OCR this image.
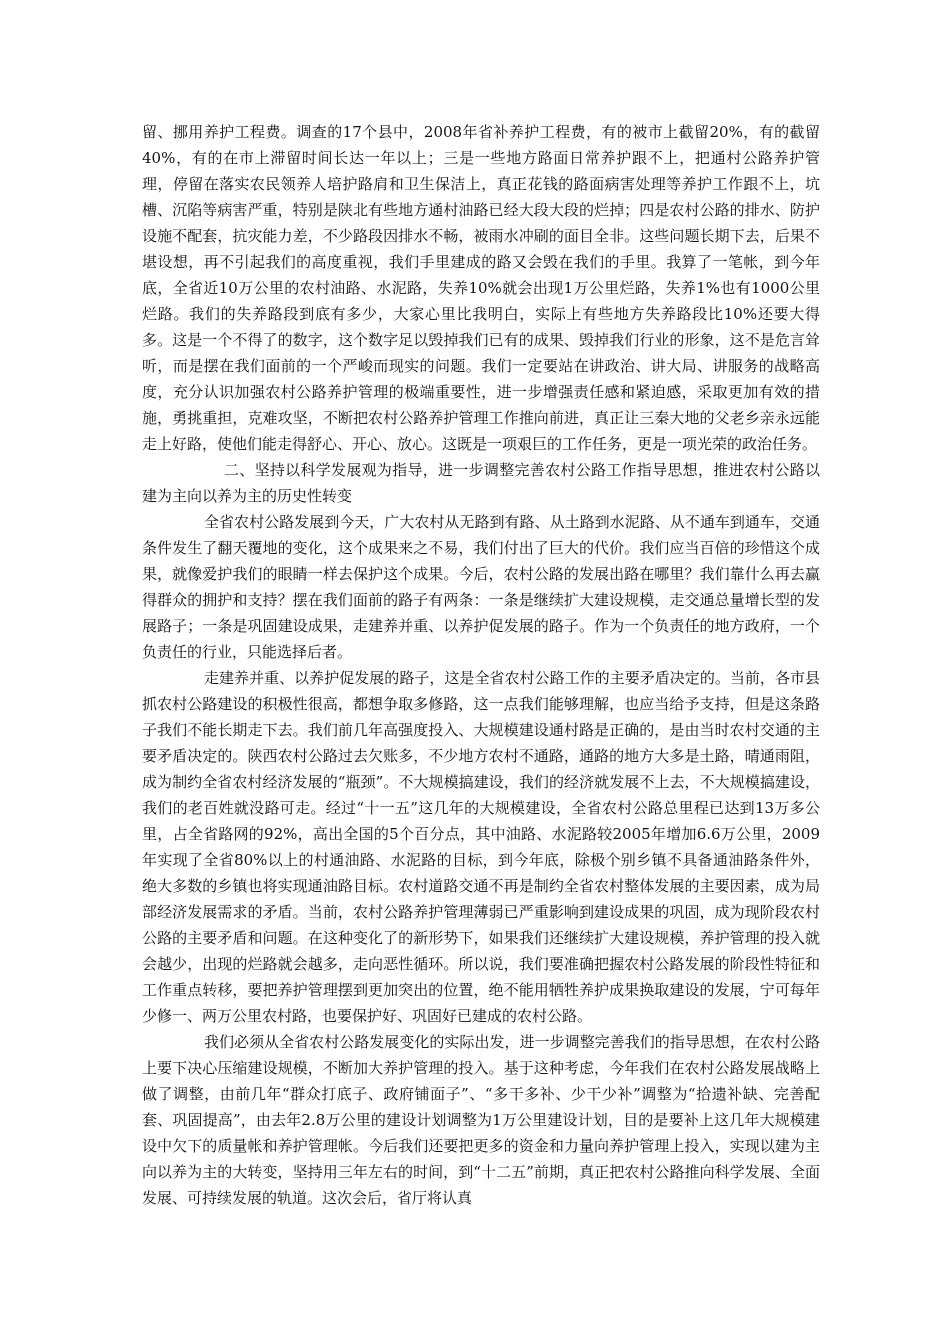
留、挪用养护工程费。调查的17个县中，2008年省补养护工程费，有的被市上截留20%，有的截留40%，有的在市上滞留时间长达一年以上；三是一些地方路面日常养护跟不上，把通村公路养护管理，停留在落实农民领养人培护路肩和卫生保洁上，真正花钱的路面病害处理等养护工作跟不上，坑槽、沉陷等病害严重，特别是陕北有些地方通村油路已经大段大段的烂掉；四是农村公路的排水、防护设施不配套，抗灾能力差，不少路段因排水不畅，被雨水冲刷的面目全非。这些问题长期下去，后果不堪设想，再不引起我们的高度重视，我们手里建成的路又会毁在我们的手里。我算了一笔帐，到今年底，全省近10万公里的农村油路、水泥路，失养10%就会出现1万公里烂路，失养1%也有1000公里烂路。我们的失养路段到底有多少，大家心里比我明白，实际上有些地方失养路段比10%还要大得多。这是一个不得了的数字，这个数字足以毁掉我们已有的成果、毁掉我们行业的形象，这不是危言耸听，而是摆在我们面前的一个严峻而现实的问题。我们一定要站在讲政治、讲大局、讲服务的战略高度，充分认识加强农村公路养护管理的极端重要性，进一步增强责任感和紧迫感，采取更加有效的措施，勇挑重担，克难攻坚，不断把农村公路养护管理工作推向前进，真正让三秦大地的父老乡亲永远能走上好路，使他们能走得舒心、开心、放心。这既是一项艰巨的工作任务，更是一项光荣的政治任务。

二、坚持以科学发展观为指导，进一步调整完善农村公路工作指导思想，推进农村公路以建为主向以养为主的历史性转变

全省农村公路发展到今天，广大农村从无路到有路、从土路到水泥路、从不通车到通车，交通条件发生了翻天覆地的变化，这个成果来之不易，我们付出了巨大的代价。我们应当百倍的珍惜这个成果，就像爱护我们的眼睛一样去保护这个成果。今后，农村公路的发展出路在哪里？我们靠什么再去赢得群众的拥护和支持？摆在我们面前的路子有两条：一条是继续扩大建设规模，走交通总量增长型的发展路子；一条是巩固建设成果，走建养并重、以养护促发展的路子。作为一个负责任的地方政府，一个负责任的行业，只能选择后者。

走建养并重、以养护促发展的路子，这是全省农村公路工作的主要矛盾决定的。当前，各市县抓农村公路建设的积极性很高，都想争取多修路，这一点我们能够理解，也应当给予支持，但是这条路子我们不能长期走下去。我们前几年高强度投入、大规模建设通村路是正确的，是由当时农村交通的主要矛盾决定的。陕西农村公路过去欠账多，不少地方农村不通路，通路的地方大多是土路，晴通雨阻，成为制约全省农村经济发展的“瓶颈”。不大规模搞建设，我们的经济就发展不上去，不大规模搞建设，我们的老百姓就没路可走。经过“十一五”这几年的大规模建设，全省农村公路总里程已达到13万多公里，占全省路网的92%，高出全国的5个百分点，其中油路、水泥路较2005年增加6.6万公里，2009年实现了全省80%以上的村通油路、水泥路的目标，到今年底，除极个别乡镇不具备通油路条件外，绝大多数的乡镇也将实现通油路目标。农村道路交通不再是制约全省农村整体发展的主要因素，成为局部经济发展需求的矛盾。当前，农村公路养护管理薄弱已严重影响到建设成果的巩固，成为现阶段农村公路的主要矛盾和问题。在这种变化了的新形势下，如果我们还继续扩大建设规模，养护管理的投入就会越少，出现的烂路就会越多，走向恶性循环。所以说，我们要准确把握农村公路发展的阶段性特征和工作重点转移，要把养护管理摆到更加突出的位置，绝不能用牺牲养护成果换取建设的发展，宁可每年少修一、两万公里农村路，也要保护好、巩固好已建成的农村公路。

我们必须从全省农村公路发展变化的实际出发，进一步调整完善我们的指导思想，在农村公路上要下决心压缩建设规模，不断加大养护管理的投入。基于这种考虑，今年我们在农村公路发展战略上做了调整，由前几年“群众打底子、政府铺面子”、“多干多补、少干少补”调整为“拾遗补缺、完善配套、巩固提高”，由去年2.8万公里的建设计划调整为1万公里建设计划，目的是要补上这几年大规模建设中欠下的质量帐和养护管理帐。今后我们还要把更多的资金和力量向养护管理上投入，实现以建为主向以养为主的大转变，坚持用三年左右的时间，到“十二五”前期，真正把农村公路推向科学发展、全面发展、可持续发展的轨道。这次会后，省厅将认真
